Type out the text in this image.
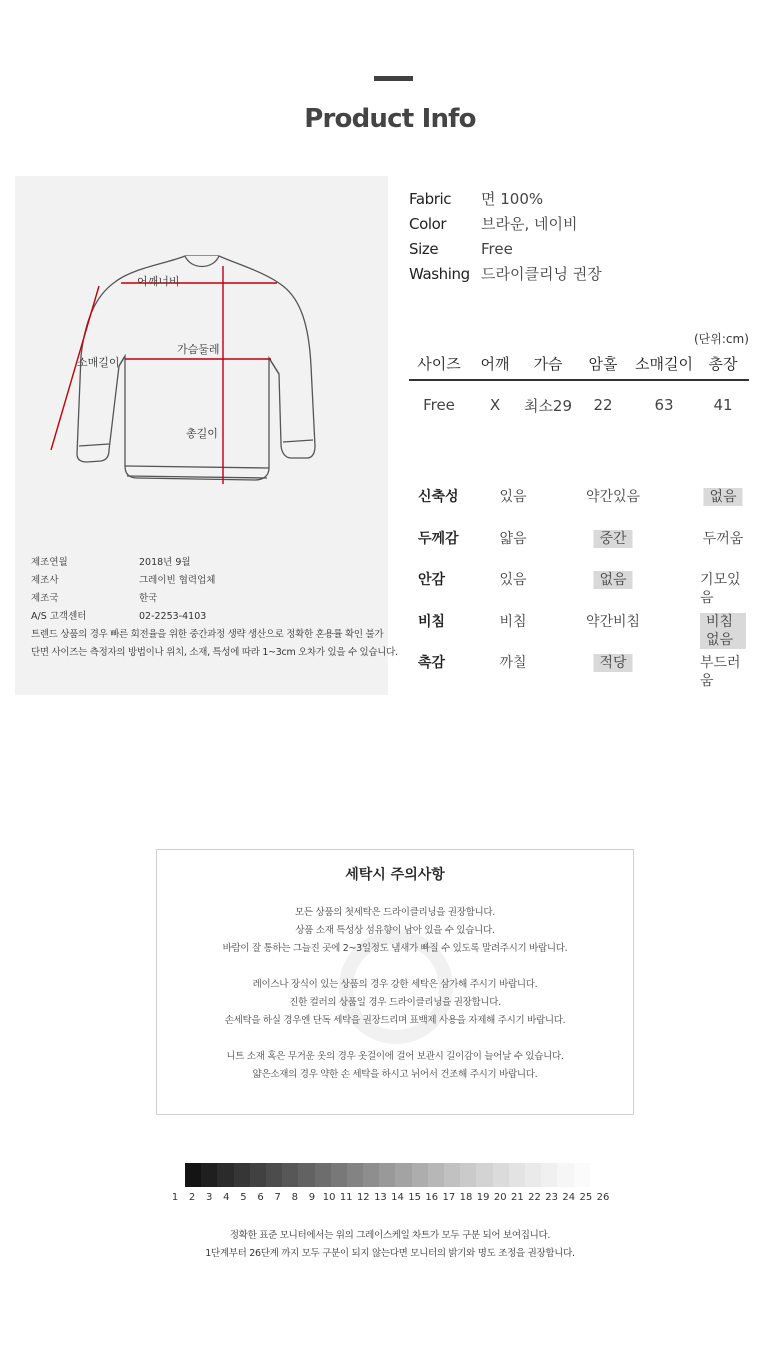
Product Info
어깨너비
소매길이
가슴둘레
총길이
제조연월	2018년 9월
제조사	그레이빈 협력업체
제조국	한국
A/S 고객센터	02-2253-4103
트렌드 상품의 경우 빠른 회전율을 위한 중간과정 생략 생산으로 정확한 혼용률 확인 불가
단면 사이즈는 측정자의 방법이나 위치, 소재, 특성에 따라 1~3cm 오차가 있을 수 있습니다.
Fabric	면 100%
Color	브라운, 네이비
Size	Free
Washing 드라이클리닝 권장
(단위:cm)
사이즈	어깨	가슴	암홀	소매길이	총장
Free	X	최소29	22	63	41
신축성	있음	약간있음	없음
두께감	얇음	중간	두꺼움
안감	있음	없음	기모있음
비침	비침	약간비침	비침없음
촉감	까칠	적당	부드러움
세탁시 주의사항

모든 상품의 첫세탁은 드라이클리닝을 권장합니다.

상품 소재 특성상 섬유향이 남아 있을 수 있습니다.

바람이 잘 통하는 그늘진 곳에 2~3일정도 냄새가 빠질 수 있도록 말려주시기 바랍니다.

레이스나 장식이 있는 상품의 경우 강한 세탁은 삼가해 주시기 바랍니다.

진한 컬러의 상품일 경우 드라이클리닝을 권장합니다.

손세탁을 하실 경우엔 단독 세탁을 권장드리며 표백제 사용을 자제해 주시기 바랍니다.

니트 소재 혹은 무거운 옷의 경우 옷걸이에 걸어 보관시 길이감이 늘어날 수 있습니다.

얇은소재의 경우 약한 손 세탁을 하시고 뉘어서 건조해 주시기 바랍니다.

1 2 3 4 5 6 7 8 9 10 11 12 13 14 15 16 17 18 19 20 21 22 23 24 25 26

정확한 표준 모니터에서는 위의 그레이스케일 차트가 모두 구분 되어 보여집니다.

1단계부터 26단계 까지 모두 구분이 되지 않는다면 모니터의 밝기와 명도 조정을 권장합니다.
